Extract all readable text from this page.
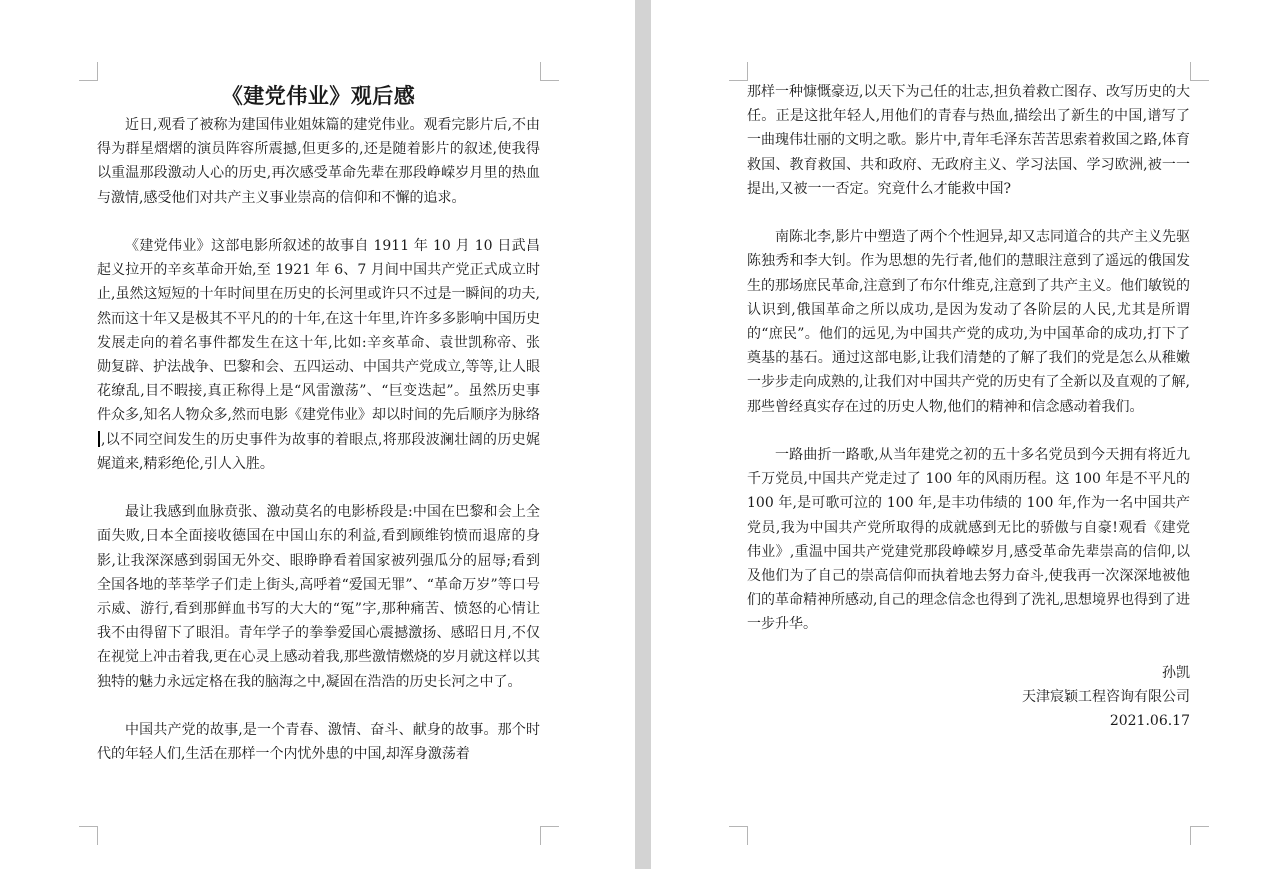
《建党伟业》观后感

近日,观看了被称为建国伟业姐妹篇的建党伟业。观看完影片后,不由得为群星熠熠的演员阵容所震撼,但更多的,还是随着影片的叙述,使我得以重温那段激动人心的历史,再次感受革命先辈在那段峥嵘岁月里的热血与激情,感受他们对共产主义事业崇高的信仰和不懈的追求。

《建党伟业》这部电影所叙述的故事自 1911 年 10 月 10 日武昌起义拉开的辛亥革命开始,至 1921 年 6、7 月间中国共产党正式成立时止,虽然这短短的十年时间里在历史的长河里或许只不过是一瞬间的功夫,然而这十年又是极其不平凡的的十年,在这十年里,许许多多影响中国历史发展走向的着名事件都发生在这十年,比如:辛亥革命、袁世凯称帝、张勋复辟、护法战争、巴黎和会、五四运动、中国共产党成立,等等,让人眼花缭乱,目不暇接,真正称得上是“风雷激荡”、“巨变迭起”。虽然历史事件众多,知名人物众多,然而电影《建党伟业》却以时间的先后顺序为脉络,以不同空间发生的历史事件为故事的着眼点,将那段波澜壮阔的历史娓娓道来,精彩绝伦,引人入胜。

最让我感到血脉贲张、激动莫名的电影桥段是:中国在巴黎和会上全面失败,日本全面接收德国在中国山东的利益,看到顾维钧愤而退席的身影,让我深深感到弱国无外交、眼睁睁看着国家被列强瓜分的屈辱;看到全国各地的莘莘学子们走上街头,高呼着“爱国无罪”、“革命万岁”等口号示威、游行,看到那鲜血书写的大大的“冤”字,那种痛苦、愤怒的心情让我不由得留下了眼泪。青年学子的拳拳爱国心震撼激扬、感昭日月,不仅在视觉上冲击着我,更在心灵上感动着我,那些激情燃烧的岁月就这样以其独特的魅力永远定格在我的脑海之中,凝固在浩浩的历史长河之中了。

中国共产党的故事,是一个青春、激情、奋斗、献身的故事。那个时代的年轻人们,生活在那样一个内忧外患的中国,却浑身激荡着

那样一种慷慨豪迈,以天下为己任的壮志,担负着救亡图存、改写历史的大任。正是这批年轻人,用他们的青春与热血,描绘出了新生的中国,谱写了一曲瑰伟壮丽的文明之歌。影片中,青年毛泽东苦苦思索着救国之路,体育救国、教育救国、共和政府、无政府主义、学习法国、学习欧洲,被一一提出,又被一一否定。究竟什么才能救中国?

南陈北李,影片中塑造了两个个性迥异,却又志同道合的共产主义先驱陈独秀和李大钊。作为思想的先行者,他们的慧眼注意到了遥远的俄国发生的那场庶民革命,注意到了布尔什维克,注意到了共产主义。他们敏锐的认识到,俄国革命之所以成功,是因为发动了各阶层的人民,尤其是所谓的“庶民”。他们的远见,为中国共产党的成功,为中国革命的成功,打下了奠基的基石。通过这部电影,让我们清楚的了解了我们的党是怎么从稚嫩一步步走向成熟的,让我们对中国共产党的历史有了全新以及直观的了解,那些曾经真实存在过的历史人物,他们的精神和信念感动着我们。

一路曲折一路歌,从当年建党之初的五十多名党员到今天拥有将近九千万党员,中国共产党走过了 100 年的风雨历程。这 100 年是不平凡的 100 年,是可歌可泣的 100 年,是丰功伟绩的 100 年,作为一名中国共产党员,我为中国共产党所取得的成就感到无比的骄傲与自豪!观看《建党伟业》,重温中国共产党建党那段峥嵘岁月,感受革命先辈崇高的信仰,以及他们为了自己的崇高信仰而执着地去努力奋斗,使我再一次深深地被他们的革命精神所感动,自己的理念信念也得到了洗礼,思想境界也得到了进一步升华。

孙凯
天津宸颖工程咨询有限公司
2021.06.17
